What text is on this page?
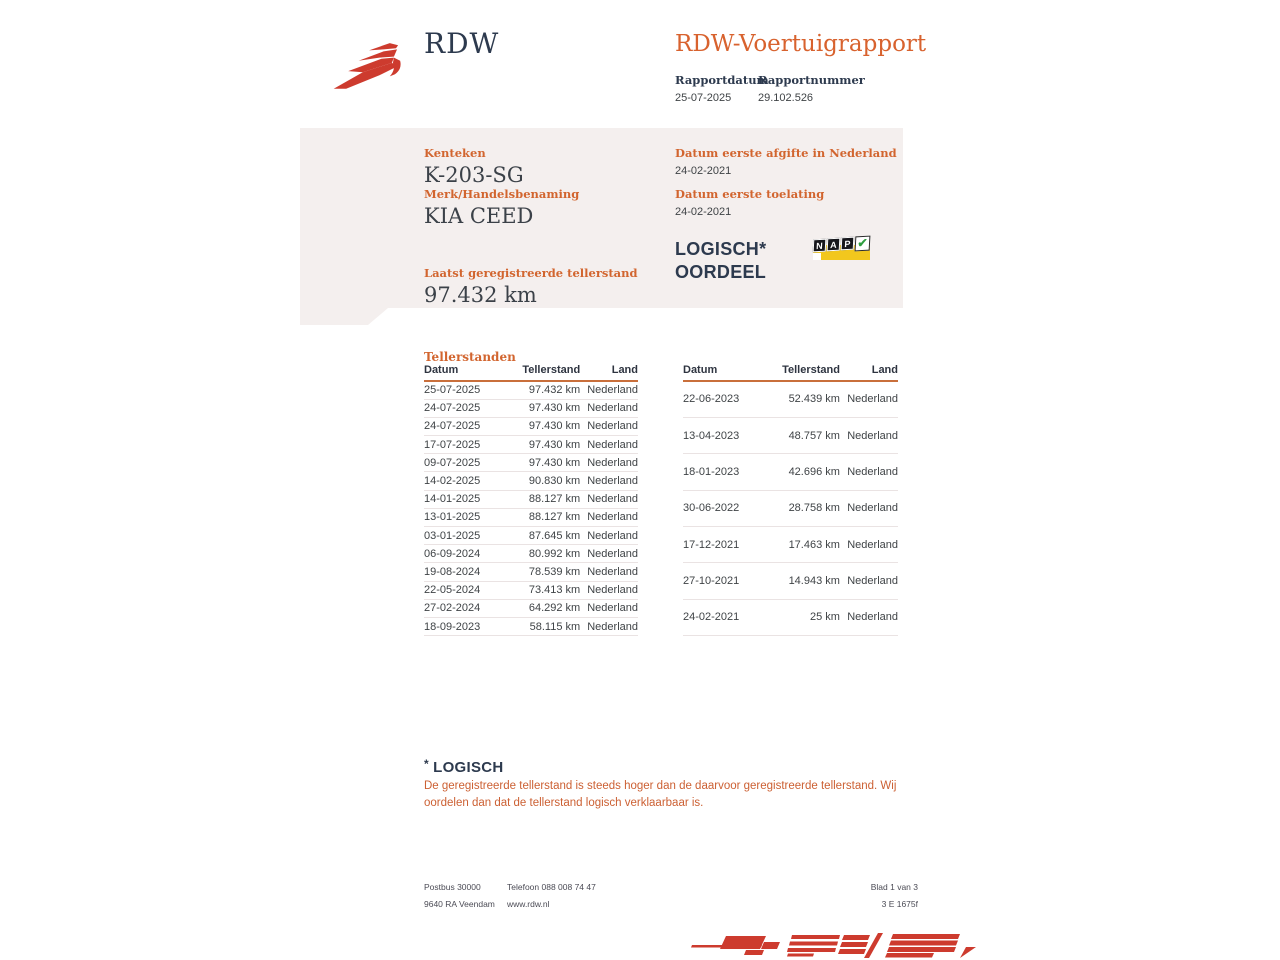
RDW	RDW-Voertuigrapport
Rapportdatum
25-07-2025
Rapportnummer
29.102.526
Kenteken
K-203-SG
Merk/Handelsbenaming
KIA CEED
Laatst geregistreerde tellerstand
97.432 km
Datum eerste afgifte in Nederland
24-02-2021
Datum eerste toelating
24-02-2021
LOGISCH*
OORDEEL
N A P ✔
Tellerstanden
Datum	Tellerstand	Land
25-07-2025	97.432 km	Nederland
24-07-2025	97.430 km	Nederland
24-07-2025	97.430 km	Nederland
17-07-2025	97.430 km	Nederland
09-07-2025	97.430 km	Nederland
14-02-2025	90.830 km	Nederland
14-01-2025	88.127 km	Nederland
13-01-2025	88.127 km	Nederland
03-01-2025	87.645 km	Nederland
06-09-2024	80.992 km	Nederland
19-08-2024	78.539 km	Nederland
22-05-2024	73.413 km	Nederland
27-02-2024	64.292 km	Nederland
18-09-2023	58.115 km	Nederland
Datum	Tellerstand	Land
22-06-2023	52.439 km	Nederland
13-04-2023	48.757 km	Nederland
18-01-2023	42.696 km	Nederland
30-06-2022	28.758 km	Nederland
17-12-2021	17.463 km	Nederland
27-10-2021	14.943 km	Nederland
24-02-2021	25 km	Nederland
* LOGISCH
De geregistreerde tellerstand is steeds hoger dan de daarvoor geregistreerde tellerstand. Wij oordelen dan dat de tellerstand logisch verklaarbaar is.
Postbus 30000
9640 RA Veendam
Telefoon 088 008 74 47
www.rdw.nl
Blad 1 van 3
3 E 1675f
